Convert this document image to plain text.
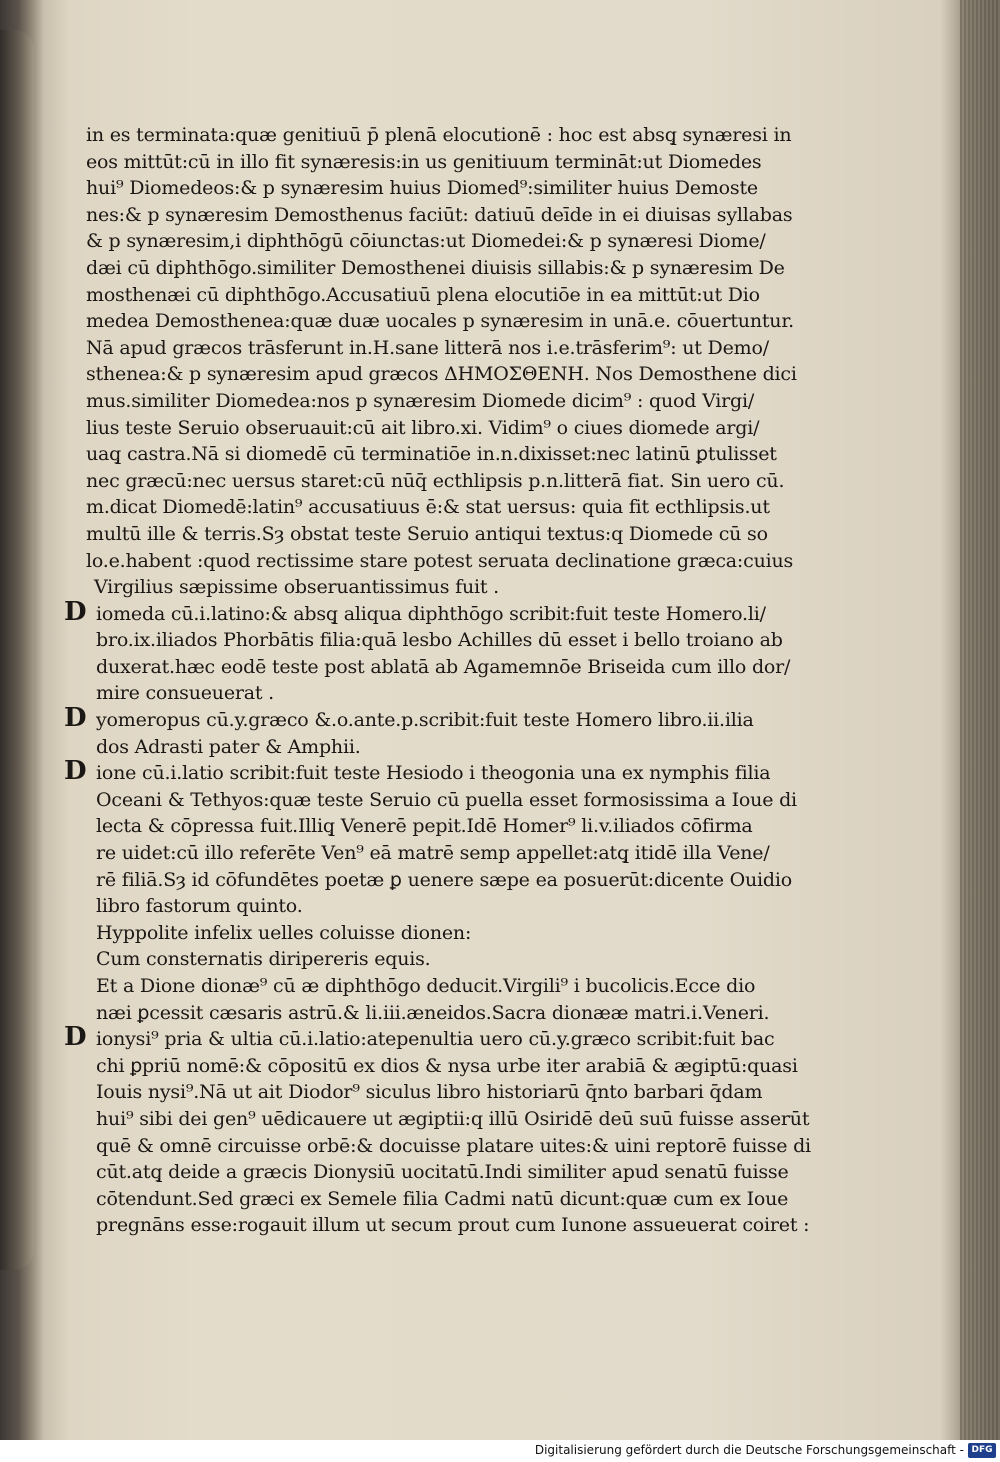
in es terminata:quæ genitiuū p̄ plenā elocutionē : hoc est absq̧ synæresi in
eos mittūt:cū in illo fit synæresis:in us genitiuum termināt:ut Diomedes
hui⁹ Diomedeos:& p synæresim huius Diomed⁹:similiter huius Demoste
nes:& p synæresim Demosthenus faciūt: datiuū deīde in ei diuisas syllabas
& p synæresim,i diphthōgū cōiunctas:ut Diomedei:& p synæresi Diome/
dæi cū diphthōgo.similiter Demosthenei diuisis sillabis:& p synæresim De
mosthenæi cū diphthōgo.Accusatiuū plena elocutiōe in ea mittūt:ut Dio
medea Demosthenea:quæ duæ uocales p synæresim in unā.e. cōuertuntur.
Nā apud græcos trāsferunt in.H.sane litterā nos i.e.trāsferim⁹: ut Demo/
sthenea:& p synæresim apud græcos ΔΗΜΟΣΘΕΝΗ. Nos Demosthene dici
mus.similiter Diomedea:nos p synæresim Diomede dicim⁹ : quod Virgi/
lius teste Seruio obseruauit:cū ait libro.xi. Vidim⁹ o ciues diomede argi/
uaq̧ castra.Nā si diomedē cū terminatiōe in.n.dixisset:nec latinū ꝑtulisset
nec græcū:nec uersus staret:cū nūq̄ ecthlipsis p.n.litterā fiat. Sin uero cū.
m.dicat Diomedē:latin⁹ accusatiuus ē:& stat uersus: quia fit ecthlipsis.ut
multū ille & terris.Sȝ obstat teste Seruio antiqui textus:q Diomede cū so
lo.e.habent :quod rectissime stare potest seruata declinatione græca:cuius
Virgilius sæpissime obseruantissimus fuit .
D iomeda cū.i.latino:& absq̧ aliqua diphthōgo scribit:fuit teste Homero.li/
bro.ix.iliados Phorbātis filia:quā lesbo Achilles dū esset i bello troiano ab
duxerat.hæc eodē teste post ablatā ab Agamemnōe Briseida cum illo dor/
mire consueuerat .
D yomeropus cū.y.græco &.o.ante.p.scribit:fuit teste Homero libro.ii.ilia
dos Adrasti pater & Amphii.
D ione cū.i.latio scribit:fuit teste Hesiodo i theogonia una ex nymphis filia
Oceani & Tethyos:quæ teste Seruio cū puella esset formosissima a Ioue di
lecta & cōpressa fuit.Illiq̧ Venerē pepit.Idē Homer⁹ li.v.iliados cōfirma
re uidet:cū illo referēte Ven⁹ eā matrē semp appellet:atq̧ itidē illa Vene/
rē filiā.Sȝ id cōfundētes poetæ ꝑ uenere sæpe ea posuerūt:dicente Ouidio
libro fastorum quinto.
Hyppolite infelix uelles coluisse dionen:
Cum consternatis diripereris equis.
Et a Dione dionæ⁹ cū æ diphthōgo deducit.Virgili⁹ i bucolicis.Ecce dio
næi ꝑcessit cæsaris astrū.& li.iii.æneidos.Sacra dionææ matri.i.Veneri.
D ionysi⁹ pria & ultia cū.i.latio:atepenultia uero cū.y.græco scribit:fuit bac
chi ꝑpriū nomē:& cōpositū ex dios & nysa urbe iter arabiā & ægiptū:quasi
Iouis nysi⁹.Nā ut ait Diodor⁹ siculus libro historiarū q̄nto barbari q̄dam
hui⁹ sibi dei gen⁹ uēdicauere ut ægiptii:q illū Osiridē deū suū fuisse asserūt
quē & omnē circuisse orbē:& docuisse platare uites:& uini reptorē fuisse di
cūt.atq̧ deide a græcis Dionysiū uocitatū.Indi similiter apud senatū fuisse
cōtendunt.Sed græci ex Semele filia Cadmi natū dicunt:quæ cum ex Ioue
pregnāns esse:rogauit illum ut secum prout cum Iunone assueuerat coiret :
Digitalisierung gefördert durch die Deutsche Forschungsgemeinschaft - DFG
